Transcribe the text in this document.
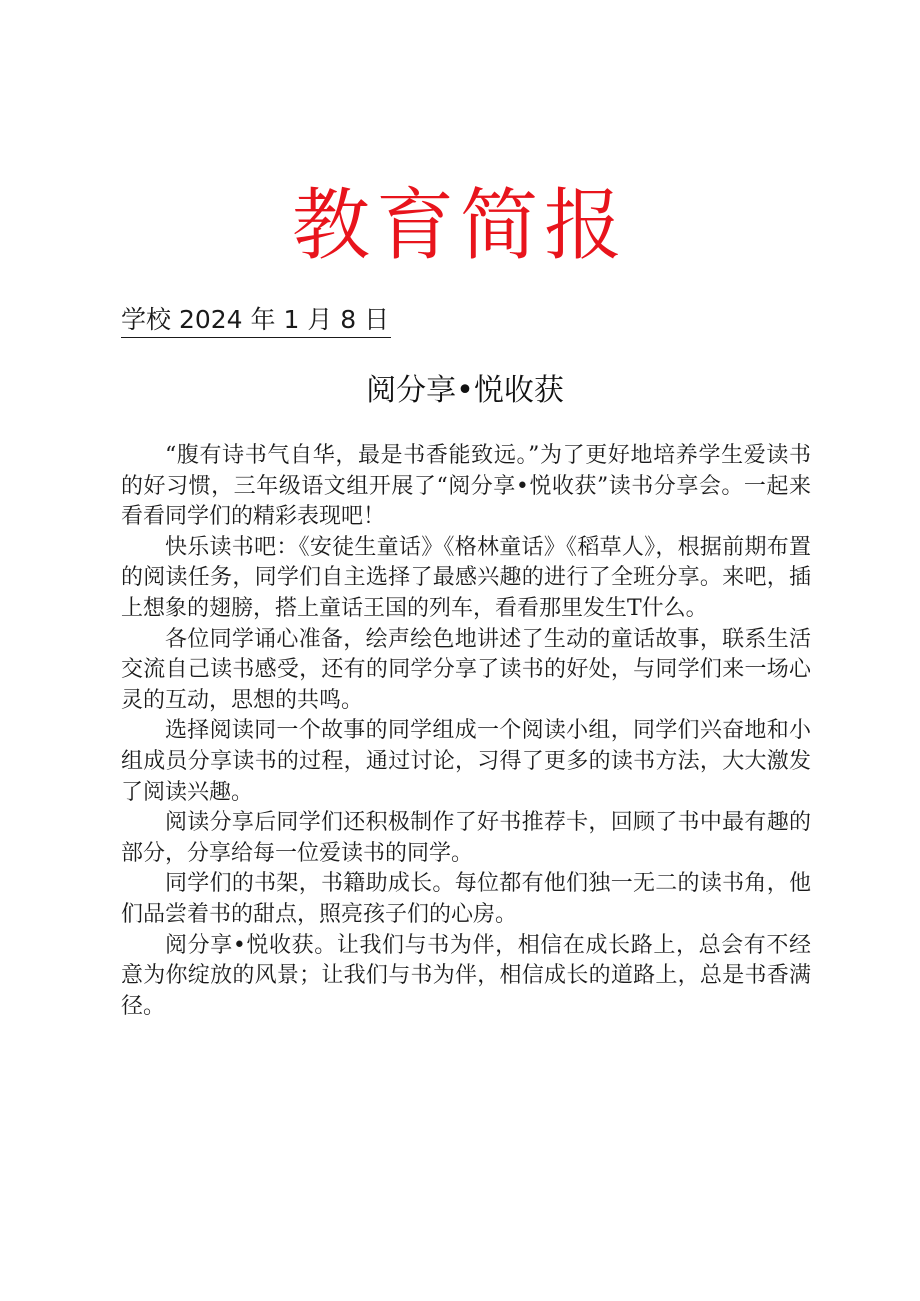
教育简报
学校 2024 年 1 月 8 日
阅分享•悦收获

“腹有诗书气自华，最是书香能致远。”为了更好地培养学生爱读书的好习惯，三年级语文组开展了“阅分享•悦收获”读书分享会。一起来看看同学们的精彩表现吧！

快乐读书吧：《安徒生童话》《格林童话》《稻草人》，根据前期布置的阅读任务，同学们自主选择了最感兴趣的进行了全班分享。来吧，插上想象的翅膀，搭上童话王国的列车，看看那里发生T什么。

各位同学诵心准备，绘声绘色地讲述了生动的童话故事，联系生活交流自己读书感受，还有的同学分享了读书的好处，与同学们来一场心灵的互动，思想的共鸣。

选择阅读同一个故事的同学组成一个阅读小组，同学们兴奋地和小组成员分享读书的过程，通过讨论，习得了更多的读书方法，大大激发了阅读兴趣。

阅读分享后同学们还积极制作了好书推荐卡，回顾了书中最有趣的部分，分享给每一位爱读书的同学。

同学们的书架，书籍助成长。每位都有他们独一无二的读书角，他们品尝着书的甜点，照亮孩子们的心房。

阅分享•悦收获。让我们与书为伴，相信在成长路上，总会有不经意为你绽放的风景；让我们与书为伴，相信成长的道路上，总是书香满径。
